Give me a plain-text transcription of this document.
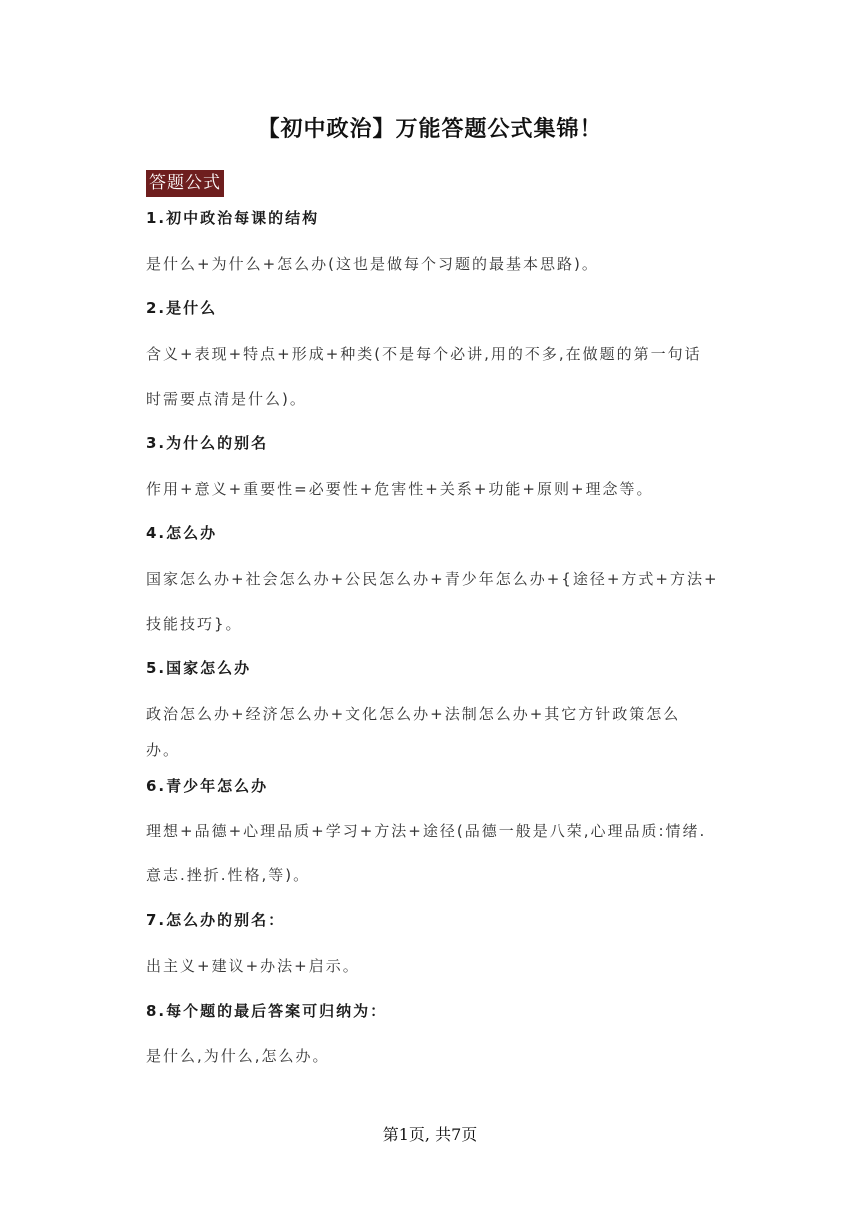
【初中政治】万能答题公式集锦！
答题公式
1.初中政治每课的结构
是什么+为什么+怎么办(这也是做每个习题的最基本思路)。
2.是什么
含义+表现+特点+形成+种类(不是每个必讲,用的不多,在做题的第一句话
时需要点清是什么)。
3.为什么的别名
作用+意义+重要性=必要性+危害性+关系+功能+原则+理念等。
4.怎么办
国家怎么办+社会怎么办+公民怎么办+青少年怎么办+{途径+方式+方法+
技能技巧}。
5.国家怎么办
政治怎么办+经济怎么办+文化怎么办+法制怎么办+其它方针政策怎么
办。
6.青少年怎么办
理想+品德+心理品质+学习+方法+途径(品德一般是八荣,心理品质:情绪.
意志.挫折.性格,等)。
7.怎么办的别名：
出主义+建议+办法+启示。
8.每个题的最后答案可归纳为：
是什么,为什么,怎么办。
第1页, 共7页
